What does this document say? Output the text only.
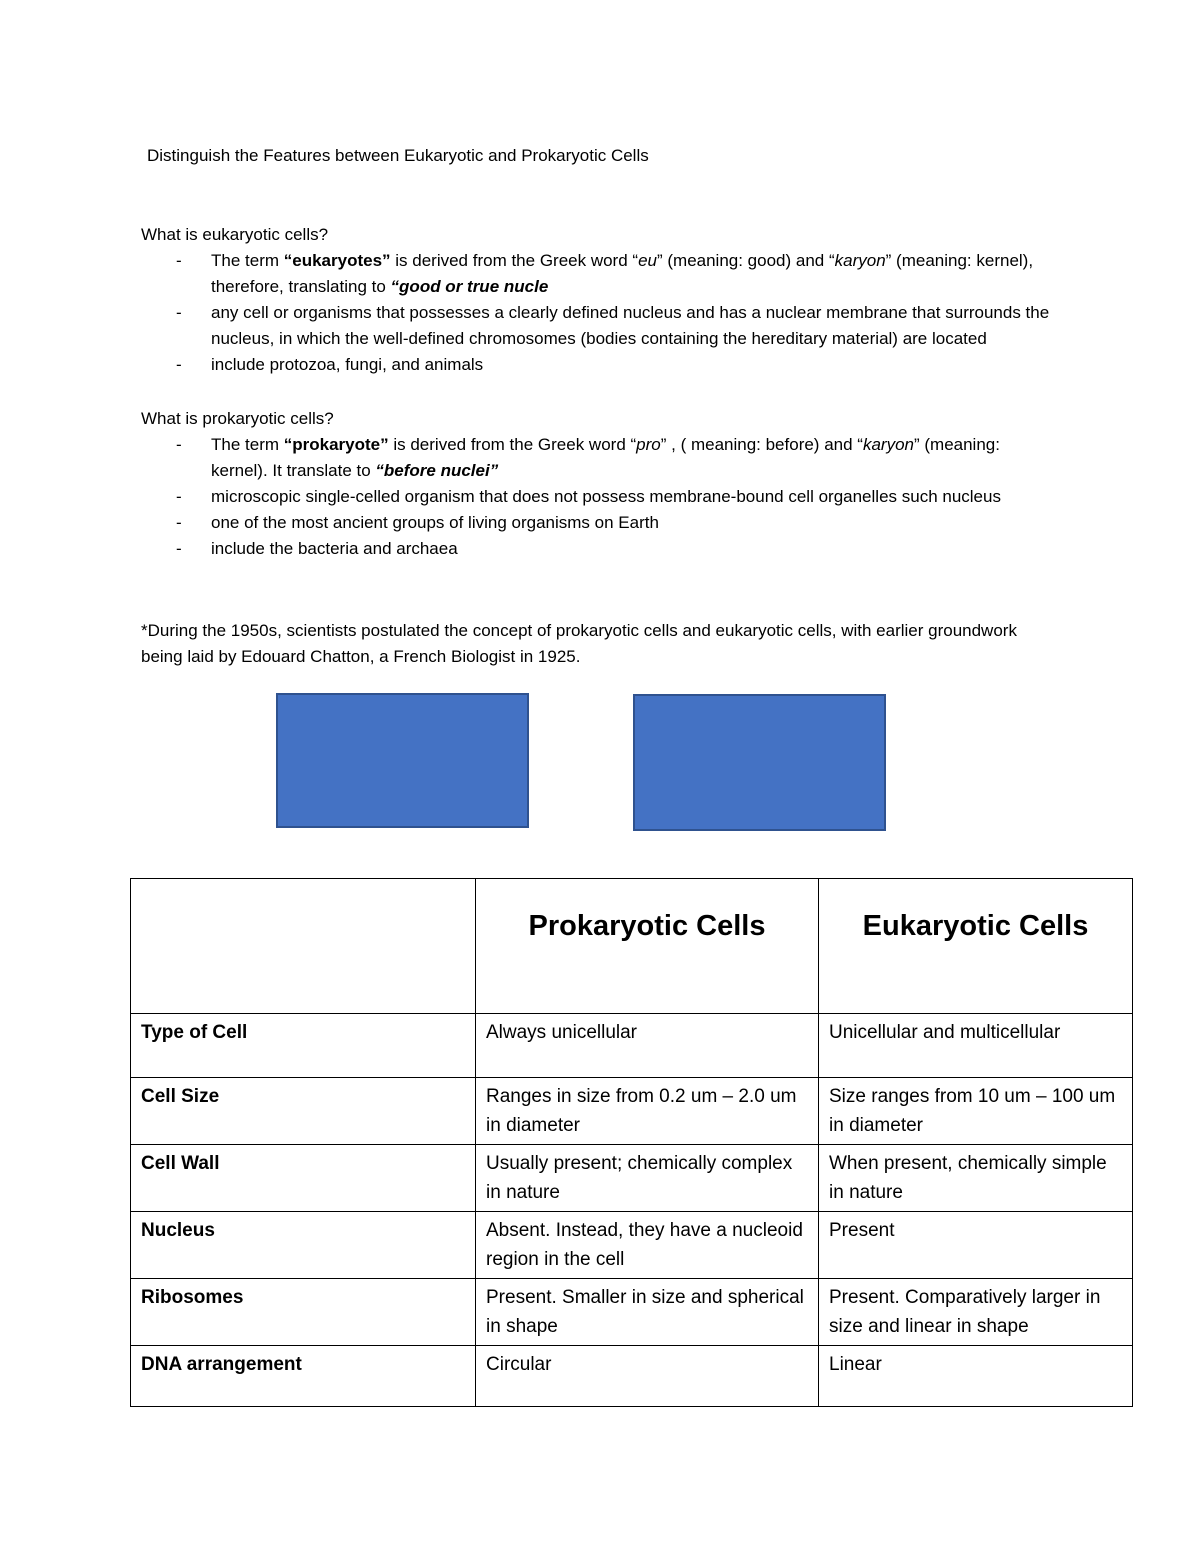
Distinguish the Features between Eukaryotic and Prokaryotic Cells
What is eukaryotic cells?
- The term “eukaryotes” is derived from the Greek word “eu” (meaning: good) and “karyon” (meaning: kernel), therefore, translating to “good or true nucle
- any cell or organisms that possesses a clearly defined nucleus and has a nuclear membrane that surrounds the nucleus, in which the well-defined chromosomes (bodies containing the hereditary material) are located
- include protozoa, fungi, and animals
What is prokaryotic cells?
- The term “prokaryote” is derived from the Greek word “pro” , ( meaning: before) and “karyon” (meaning: kernel). It translate to “before nuclei”
- microscopic single-celled organism that does not possess membrane-bound cell organelles such nucleus
- one of the most ancient groups of living organisms on Earth
- include the bacteria and archaea
*During the 1950s, scientists postulated the concept of prokaryotic cells and eukaryotic cells, with earlier groundwork being laid by Edouard Chatton, a French Biologist in 1925.
	Prokaryotic Cells	Eukaryotic Cells
Type of Cell	Always unicellular	Unicellular and multicellular
Cell Size	Ranges in size from 0.2 um – 2.0 um in diameter	Size ranges from 10 um – 100 um in diameter
Cell Wall	Usually present; chemically complex in nature	When present, chemically simple in nature
Nucleus	Absent. Instead, they have a nucleoid region in the cell	Present
Ribosomes	Present. Smaller in size and spherical in shape	Present. Comparatively larger in size and linear in shape
DNA arrangement	Circular	Linear
